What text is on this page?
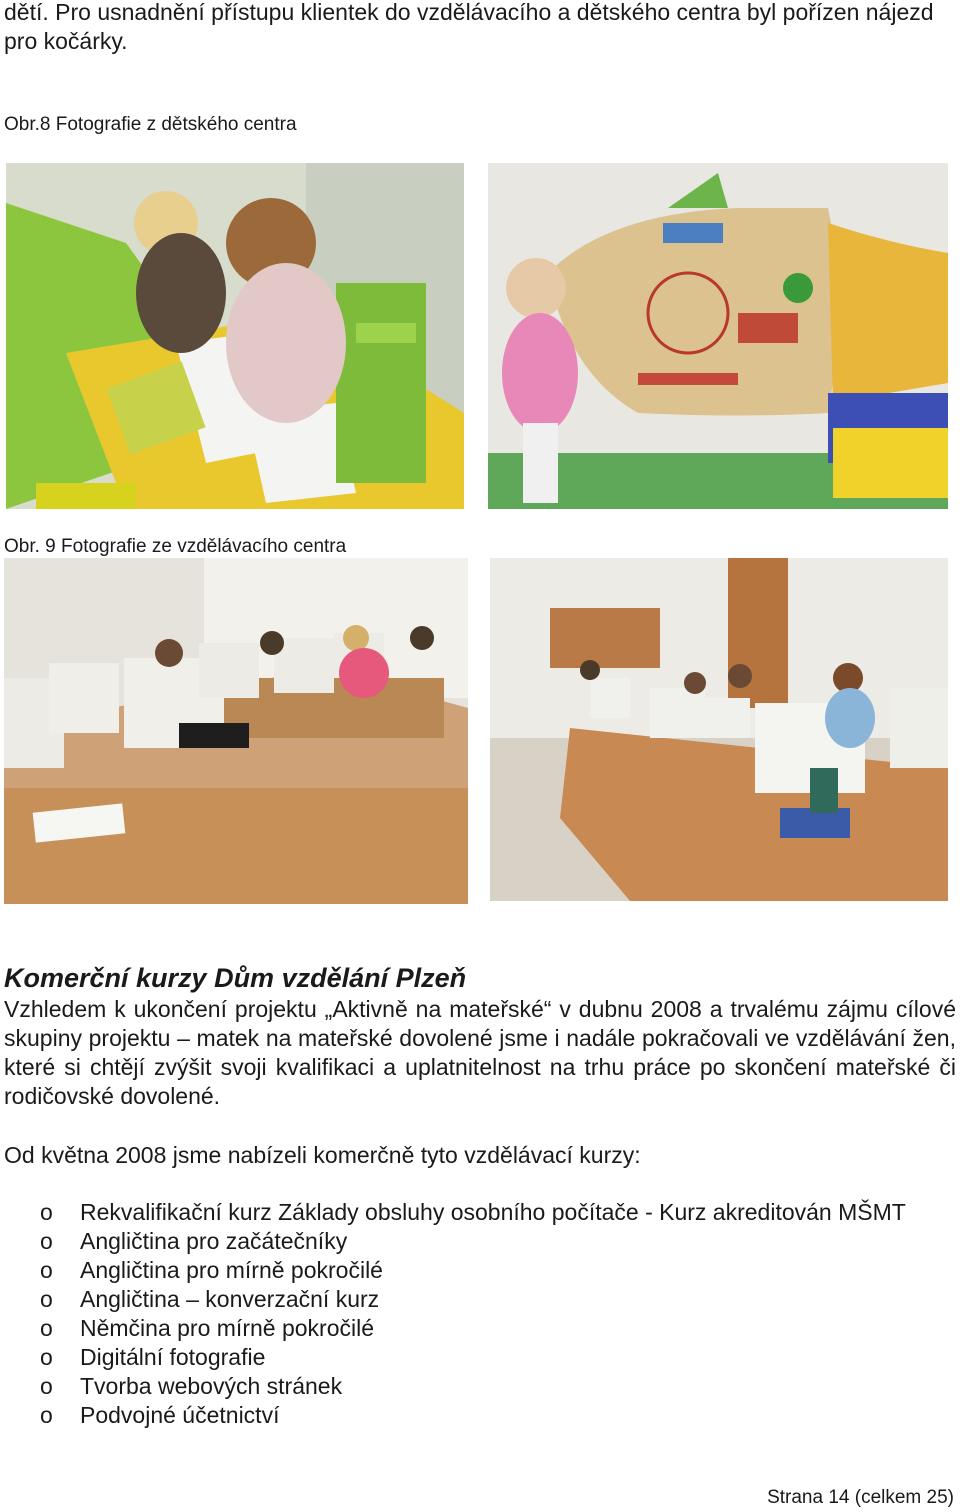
dětí. Pro usnadnění přístupu klientek do vzdělávacího a dětského centra byl pořízen nájezd pro kočárky.
Obr.8 Fotografie z dětského centra
Obr. 9 Fotografie ze vzdělávacího centra
Komerční kurzy Dům vzdělání Plzeň
Vzhledem k ukončení projektu „Aktivně na mateřské“ v dubnu 2008 a trvalému zájmu cílové skupiny projektu – matek na mateřské dovolené jsme i nadále pokračovali ve vzdělávání žen, které si chtějí zvýšit svoji kvalifikaci a uplatnitelnost na trhu práce po skončení mateřské či rodičovské dovolené.
Od května 2008 jsme nabízeli komerčně tyto vzdělávací kurzy:
o Rekvalifikační kurz Základy obsluhy osobního počítače - Kurz akreditován MŠMT
o Angličtina pro začátečníky
o Angličtina pro mírně pokročilé
o Angličtina – konverzační kurz
o Němčina pro mírně pokročilé
o Digitální fotografie
o Tvorba webových stránek
o Podvojné účetnictví
Strana 14 (celkem 25)
